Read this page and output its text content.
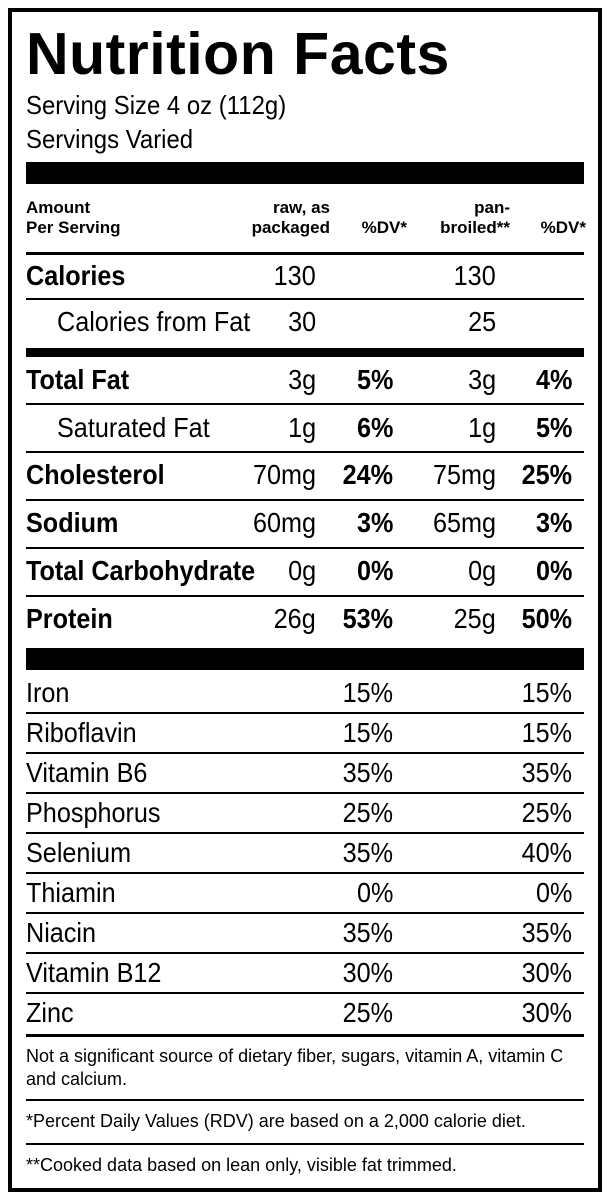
Nutrition Facts
Serving Size 4 oz (112g)
Servings Varied
Amount
Per Serving
raw, as
packaged %DV*
pan-
broiled** %DV*
Calories	130	130
Calories from Fat 30	25
Total Fat	3g 5%	3g 4%
Saturated Fat	1g 6%	1g 5%
Cholesterol	70mg 24% 75mg 25%
Sodium	60mg 3% 65mg 3%
Total Carbohydrate 0g 0%	0g 0%
Protein	26g 53% 25g 50%
Iron	15%	15%
Riboflavin	15%	15%
Vitamin B6	35%	35%
Phosphorus	25%	25%
Selenium	35%	40%
Thiamin	0%	0%
Niacin	35%	35%
Vitamin B12	30%	30%
Zinc	25%	30%
Not a significant source of dietary fiber, sugars, vitamin A, vitamin C and calcium.
*Percent Daily Values (RDV) are based on a 2,000 calorie diet.
**Cooked data based on lean only, visible fat trimmed.
